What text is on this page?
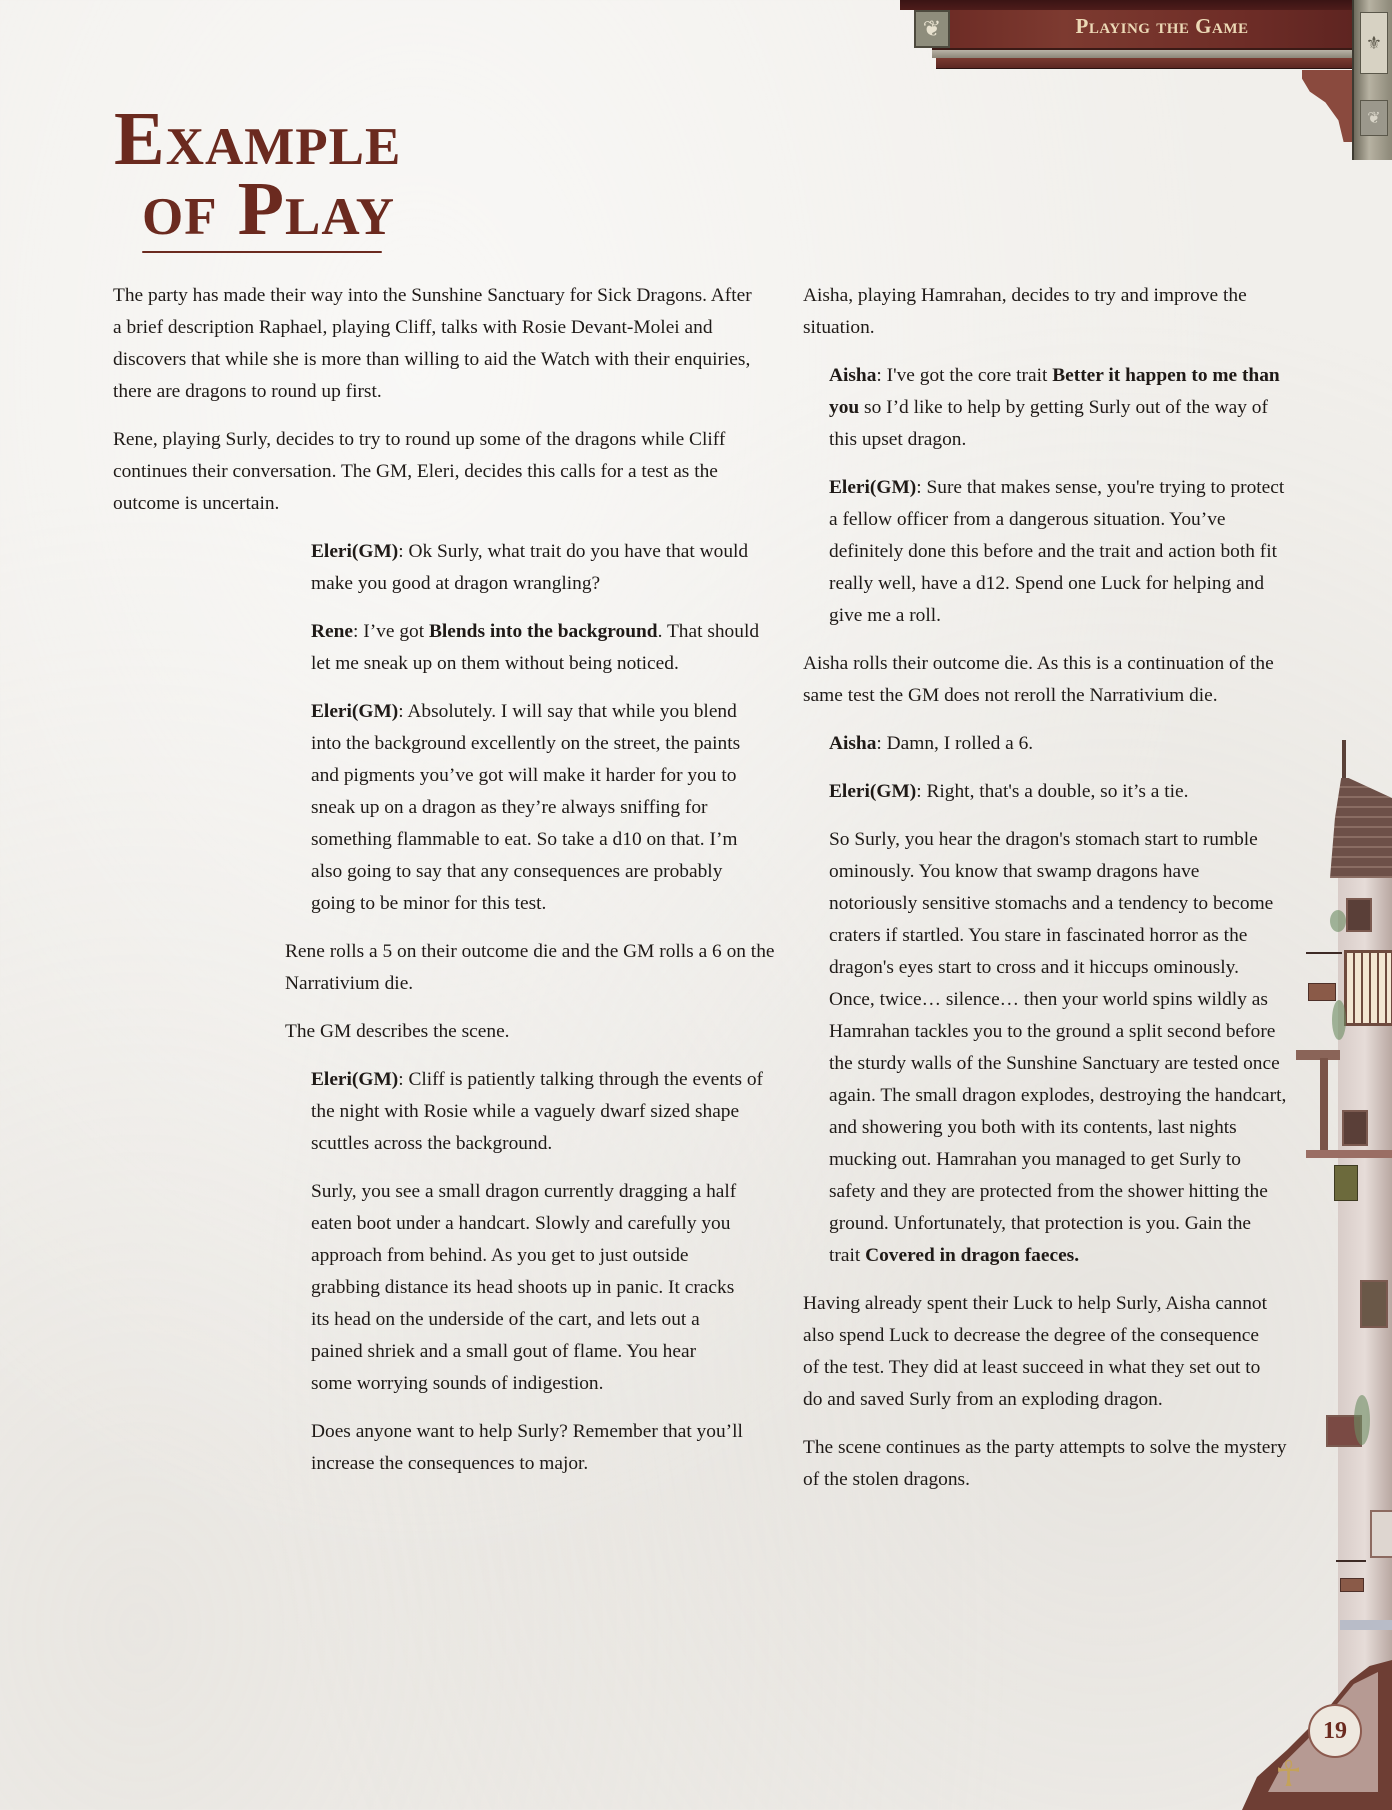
❦	Playing the Game
⚜
❦
Example
of Play

The party has made their way into the Sunshine Sanctuary for Sick Dragons. After a brief description Raphael, playing Cliff, talks with Rosie Devant-Molei and discovers that while she is more than willing to aid the Watch with their enquiries, there are dragons to round up first.

Rene, playing Surly, decides to try to round up some of the dragons while Cliff continues their conversation. The GM, Eleri, decides this calls for a test as the outcome is uncertain.

Eleri(GM): Ok Surly, what trait do you have that would make you good at dragon wrangling?

Rene: I’ve got Blends into the background. That should let me sneak up on them without being noticed.

Eleri(GM): Absolutely. I will say that while you blend into the background excellently on the street, the paints and pigments you’ve got will make it harder for you to sneak up on a dragon as they’re always sniffing for something flammable to eat. So take a d10 on that. I’m also going to say that any consequences are probably going to be minor for this test.

Rene rolls a 5 on their outcome die and the GM rolls a 6 on the Narrativium die.

The GM describes the scene.

Eleri(GM): Cliff is patiently talking through the events of the night with Rosie while a vaguely dwarf sized shape scuttles across the background.

Surly, you see a small dragon currently dragging a half eaten boot under a handcart. Slowly and carefully you approach from behind. As you get to just outside grabbing distance its head shoots up in panic. It cracks its head on the underside of the cart, and lets out a pained shriek and a small gout of flame. You hear some worrying sounds of indigestion.

Does anyone want to help Surly? Remember that you’ll increase the consequences to major.

Aisha, playing Hamrahan, decides to try and improve the situation.

Aisha: I've got the core trait Better it happen to me than you so I’d like to help by getting Surly out of the way of this upset dragon.

Eleri(GM): Sure that makes sense, you're trying to protect a fellow officer from a dangerous situation. You’ve definitely done this before and the trait and action both fit really well, have a d12. Spend one Luck for helping and give me a roll.

Aisha rolls their outcome die. As this is a continuation of the same test the GM does not reroll the Narrativium die.

Aisha: Damn, I rolled a 6.

Eleri(GM): Right, that's a double, so it’s a tie.

So Surly, you hear the dragon's stomach start to rumble ominously. You know that swamp dragons have notoriously sensitive stomachs and a tendency to become craters if startled. You stare in fascinated horror as the dragon's eyes start to cross and it hiccups ominously. Once, twice… silence… then your world spins wildly as Hamrahan tackles you to the ground a split second before the sturdy walls of the Sunshine Sanctuary are tested once again. The small dragon explodes, destroying the handcart, and showering you both with its contents, last nights mucking out. Hamrahan you managed to get Surly to safety and they are protected from the shower hitting the ground. Unfortunately, that protection is you. Gain the trait Covered in dragon faeces.

Having already spent their Luck to help Surly, Aisha cannot also spend Luck to decrease the degree of the consequence of the test. They did at least succeed in what they set out to do and saved Surly from an exploding dragon.

The scene continues as the party attempts to solve the mystery of the stolen dragons.

19
☥
